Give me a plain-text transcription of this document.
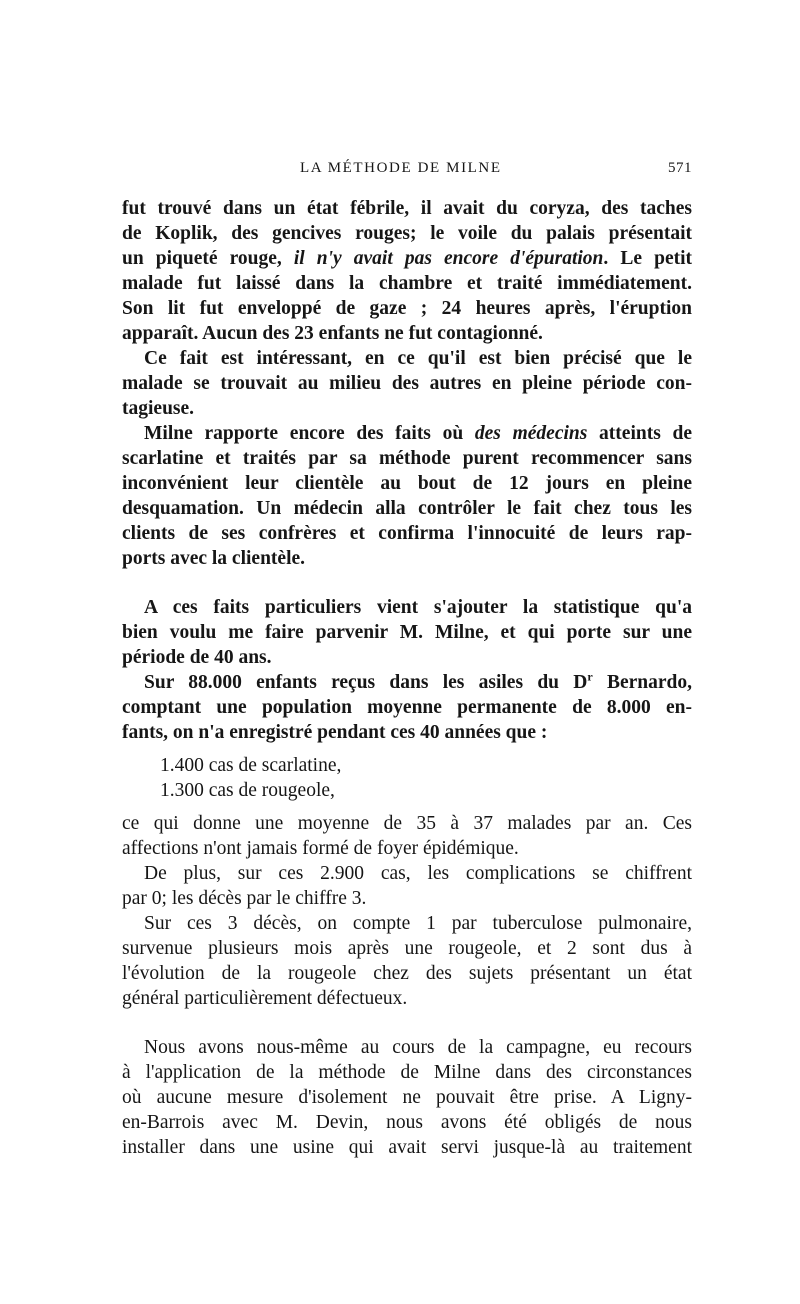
LA MÉTHODE DE MILNE	571
fut trouvé dans un état fébrile, il avait du coryza, des taches
de Koplik, des gencives rouges; le voile du palais présentait
un piqueté rouge, il n'y avait pas encore d'épuration. Le petit
malade fut laissé dans la chambre et traité immédiatement.
Son lit fut enveloppé de gaze ; 24 heures après, l'éruption
apparaît. Aucun des 23 enfants ne fut contagionné.
Ce fait est intéressant, en ce qu'il est bien précisé que le
malade se trouvait au milieu des autres en pleine période con-
tagieuse.
Milne rapporte encore des faits où des médecins atteints de
scarlatine et traités par sa méthode purent recommencer sans
inconvénient leur clientèle au bout de 12 jours en pleine
desquamation. Un médecin alla contrôler le fait chez tous les
clients de ses confrères et confirma l'innocuité de leurs rap-
ports avec la clientèle.
A ces faits particuliers vient s'ajouter la statistique qu'a
bien voulu me faire parvenir M. Milne, et qui porte sur une
période de 40 ans.
Sur 88.000 enfants reçus dans les asiles du $D^r$ Bernardo,
comptant une population moyenne permanente de 8.000 en-
fants, on n'a enregistré pendant ces 40 années que :
1.400 cas de scarlatine,
1.300 cas de rougeole,
ce qui donne une moyenne de 35 à 37 malades par an. Ces
affections n'ont jamais formé de foyer épidémique.
De plus, sur ces 2.900 cas, les complications se chiffrent
par 0; les décès par le chiffre 3.
Sur ces 3 décès, on compte 1 par tuberculose pulmonaire,
survenue plusieurs mois après une rougeole, et 2 sont dus à
l'évolution de la rougeole chez des sujets présentant un état
général particulièrement défectueux.
Nous avons nous-même au cours de la campagne, eu recours
à l'application de la méthode de Milne dans des circonstances
où aucune mesure d'isolement ne pouvait être prise. A Ligny-
en-Barrois avec M. Devin, nous avons été obligés de nous
installer dans une usine qui avait servi jusque-là au traitement
